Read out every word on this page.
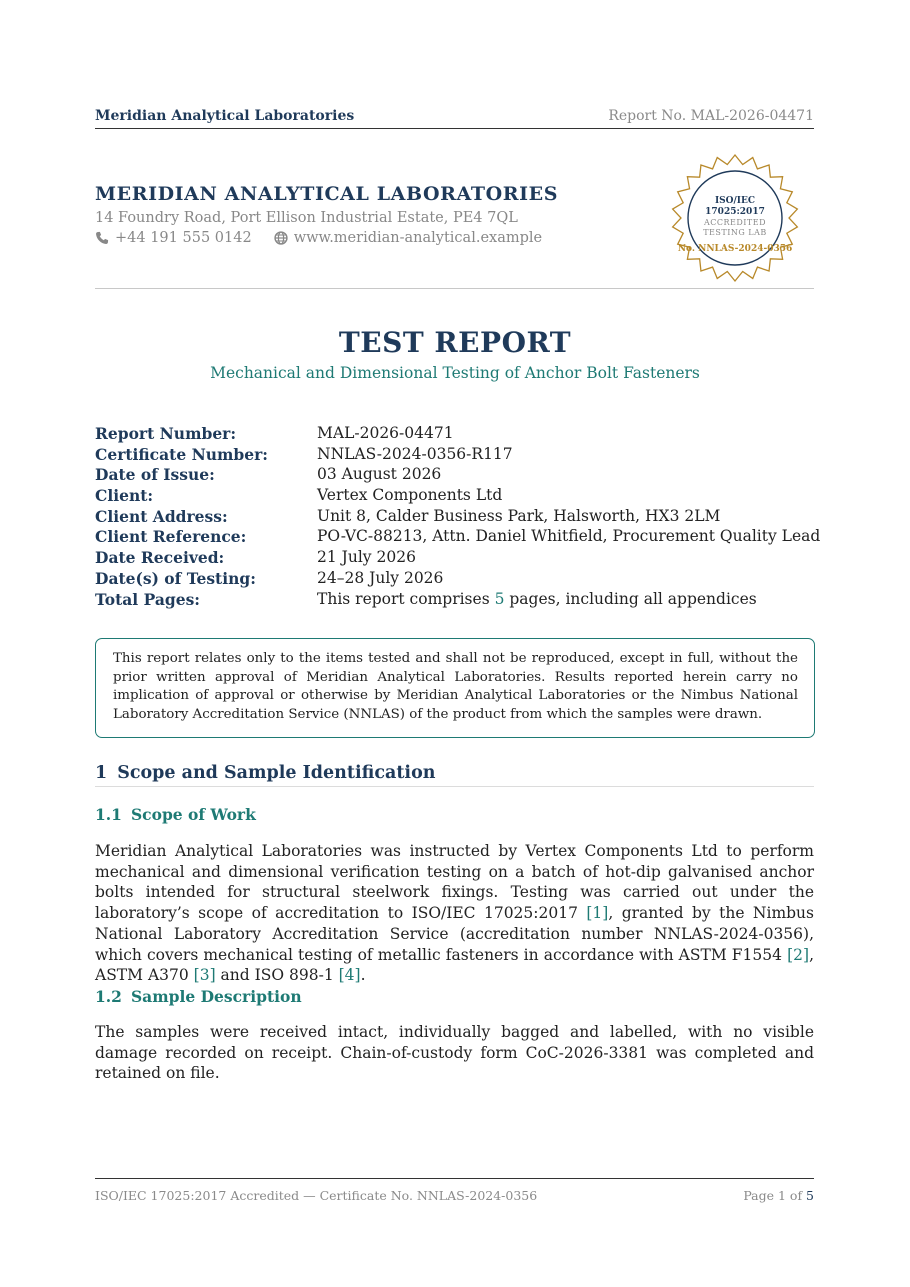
Meridian Analytical Laboratories	Report No. MAL-2026-04471
MERIDIAN ANALYTICAL LABORATORIES
14 Foundry Road, Port Ellison Industrial Estate, PE4 7QL
+44 191 555 0142	www.meridian-analytical.example
ISO/IEC
17025:2017
ACCREDITED
TESTING LAB
No. NNLAS-2024-0356
TEST REPORT
Mechanical and Dimensional Testing of Anchor Bolt Fasteners
Report Number:	MAL-2026-04471
Certificate Number:	NNLAS-2024-0356-R117
Date of Issue:	03 August 2026
Client:	Vertex Components Ltd
Client Address:	Unit 8, Calder Business Park, Halsworth, HX3 2LM
Client Reference:	PO-VC-88213, Attn. Daniel Whitfield, Procurement Quality Lead
Date Received:	21 July 2026
Date(s) of Testing:	24–28 July 2026
Total Pages:	This report comprises 5 pages, including all appendices
This report relates only to the items tested and shall not be reproduced, except in full, without the prior written approval of Meridian Analytical Laboratories. Results reported herein carry no implication of approval or otherwise by Meridian Analytical Laboratories or the Nimbus National Laboratory Accreditation Service (NNLAS) of the product from which the samples were drawn.
1 Scope and Sample Identification
1.1 Scope of Work
Meridian Analytical Laboratories was instructed by Vertex Components Ltd to perform mechanical and dimensional verification testing on a batch of hot-dip galvanised anchor bolts intended for structural steelwork fixings. Testing was carried out under the laboratory’s scope of accreditation to ISO/IEC 17025:2017 [1], granted by the Nimbus National Laboratory Accreditation Service (accreditation number NNLAS-2024-0356), which covers mechanical testing of metallic fasteners in accordance with ASTM F1554 [2], ASTM A370 [3] and ISO 898-1 [4].
1.2 Sample Description
The samples were received intact, individually bagged and labelled, with no visible damage recorded on receipt. Chain-of-custody form CoC-2026-3381 was completed and retained on file.
ISO/IEC 17025:2017 Accredited — Certificate No. NNLAS-2024-0356	Page 1 of 5
